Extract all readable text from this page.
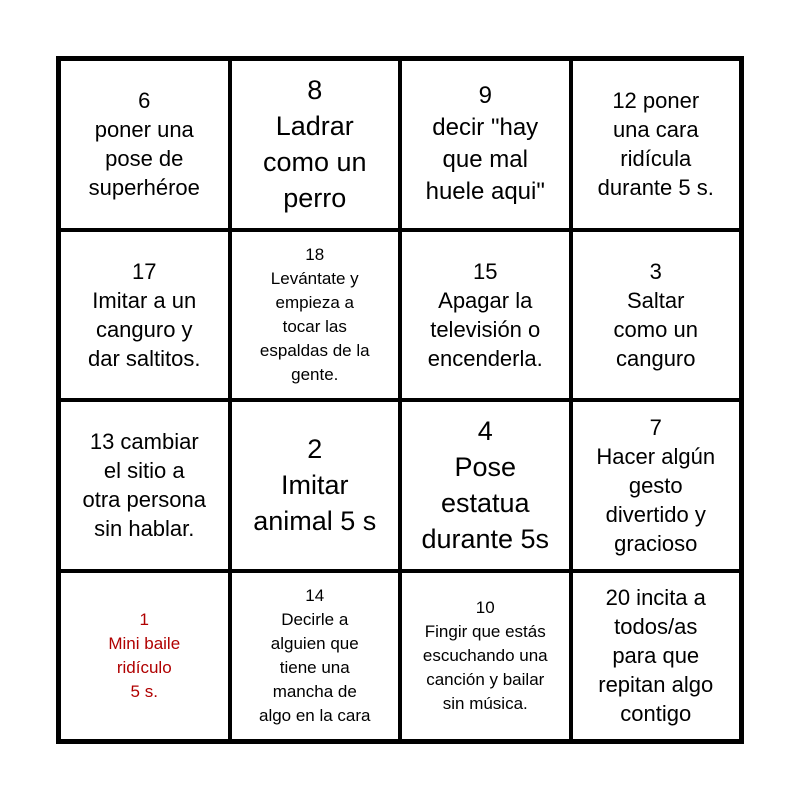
6
poner una
pose de
superhéroe
8
Ladrar
como un
perro
9
decir "hay
que mal
huele aqui"
12 poner
una cara
ridícula
durante 5 s.
17
Imitar a un
canguro y
dar saltitos.
18
Levántate y
empieza a
tocar las
espaldas de la
gente.
15
Apagar la
televisión o
encenderla.
3
Saltar
como un
canguro
13 cambiar
el sitio a
otra persona
sin hablar.
2
Imitar
animal 5 s
4
Pose
estatua
durante 5s
7
Hacer algún
gesto
divertido y
gracioso
1
Mini baile
ridículo
5 s.
14
Decirle a
alguien que
tiene una
mancha de
algo en la cara
10
Fingir que estás
escuchando una
canción y bailar
sin música.
20 incita a
todos/as
para que
repitan algo
contigo
